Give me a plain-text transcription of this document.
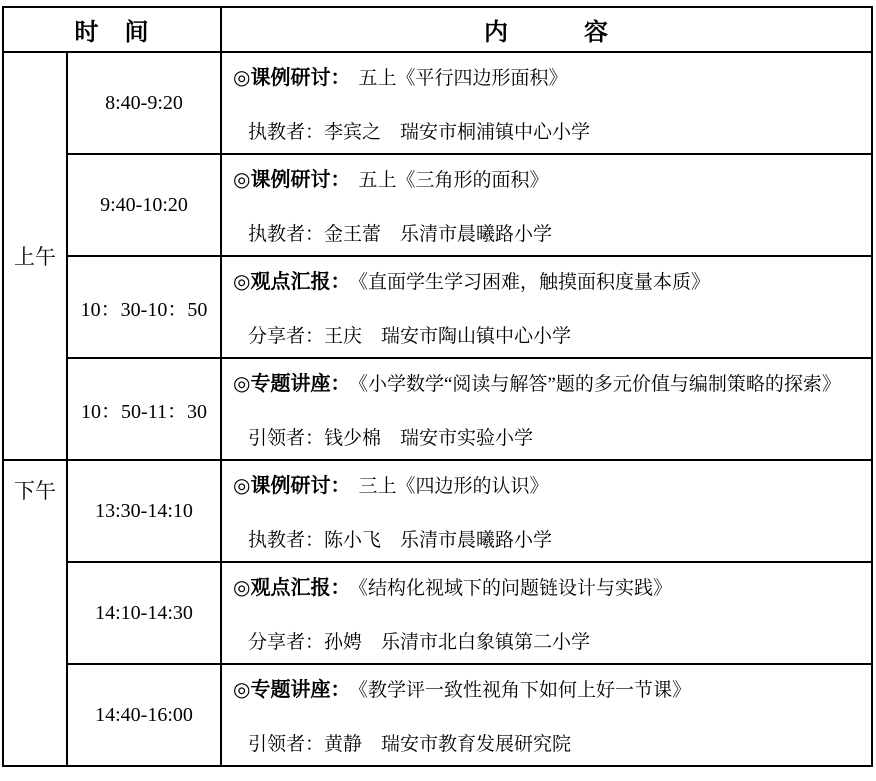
时　间		内　　　容
上午	8:40-9:20	◎课例研讨： 五上《平行四边形面积》
执教者：李宾之　瑞安市桐浦镇中心小学

	9:40-10:20	◎课例研讨： 五上《三角形的面积》
执教者：金王蕾　乐清市晨曦路小学

	10：30-10：50	◎观点汇报： 《直面学生学习困难，触摸面积度量本质》
分享者：王庆　瑞安市陶山镇中心小学

	10：50-11：30	◎专题讲座： 《小学数学“阅读与解答”题的多元价值与编制策略的探索》
引领者：钱少棉　瑞安市实验小学

下午	13:30-14:10	◎课例研讨： 三上《四边形的认识》
执教者：陈小飞　乐清市晨曦路小学

	14:10-14:30	◎观点汇报： 《结构化视域下的问题链设计与实践》
分享者：孙娉　乐清市北白象镇第二小学

	14:40-16:00	◎专题讲座： 《教学评一致性视角下如何上好一节课》
引领者：黄静　瑞安市教育发展研究院
